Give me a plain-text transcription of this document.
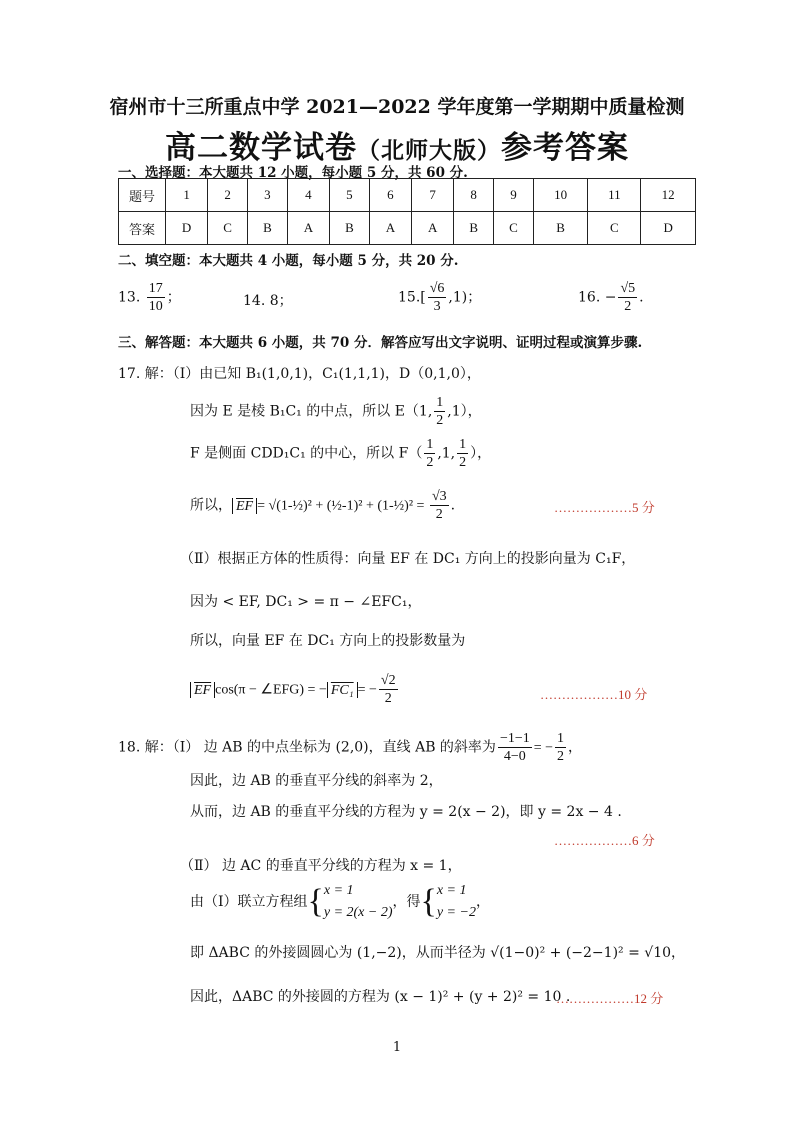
宿州市十三所重点中学 2021—2022 学年度第一学期期中质量检测
高二数学试卷（北师大版）参考答案
一、选择题：本大题共 12 小题，每小题 5 分，共 60 分.
题号	1	2	3	4	5	6	7	8	9	10	11	12
答案	D	C	B	A	B	A	A	B	C	B	C	D
二、填空题：本大题共 4 小题，每小题 5 分，共 20 分.
13. $\frac{17}{10}$ ；	14. 8；	$15.[ \frac{√6}{3} ,1)$；	16. − $\frac{√5}{2}$ .
三、解答题：本大题共 6 小题，共 70 分．解答应写出文字说明、证明过程或演算步骤.
17. 解：（Ⅰ）由已知 B₁(1,0,1)，C₁(1,1,1)，D（0,1,0），
因为 E 是棱 B₁C₁ 的中点，所以 E（1, $\frac{1}{2} ,1$），
F 是侧面 CDD₁C₁ 的中心，所以 $F( \frac{1}{2} ,1$, $\frac{1}{2}$ ），
所以， $\overline{EF}$ = √(1-½)² + (½-1)² + (1-½)² = $\frac{√3}{2}$ .	………………5 分
（Ⅱ）根据正方体的性质得：向量 EF 在 DC₁ 方向上的投影向量为 C₁F，
因为 < EF, DC₁ > = π − ∠EFC₁，
所以，向量 EF 在 DC₁ 方向上的投影数量为
$\overline{EF}$ cos(π − ∠EFG) = − FC₁ = − $\frac{√2}{2}$	………………10 分
18. 解：（Ⅰ） 边 AB 的中点坐标为 (2,0)，直线 AB 的斜率为 $\frac{-1-1}{4-0}$ = − $\frac{1}{2}$ ，
因此，边 AB 的垂直平分线的斜率为 2，
从而，边 AB 的垂直平分线的方程为 y = 2(x − 2)，即 y = 2x − 4 .
………………6 分
（Ⅱ） 边 AC 的垂直平分线的方程为 x = 1，
由（Ⅰ）联立方程组{x = 1
y = 2(x − 2)，得{x = 1
y = −2，
即 ΔABC 的外接圆圆心为 (1,−2)，从而半径为 √(1−0)² + (−2−1)² = √10，
因此，ΔABC 的外接圆的方程为 (x − 1)² + (y + 2)² = 10 .
………………12 分
1
